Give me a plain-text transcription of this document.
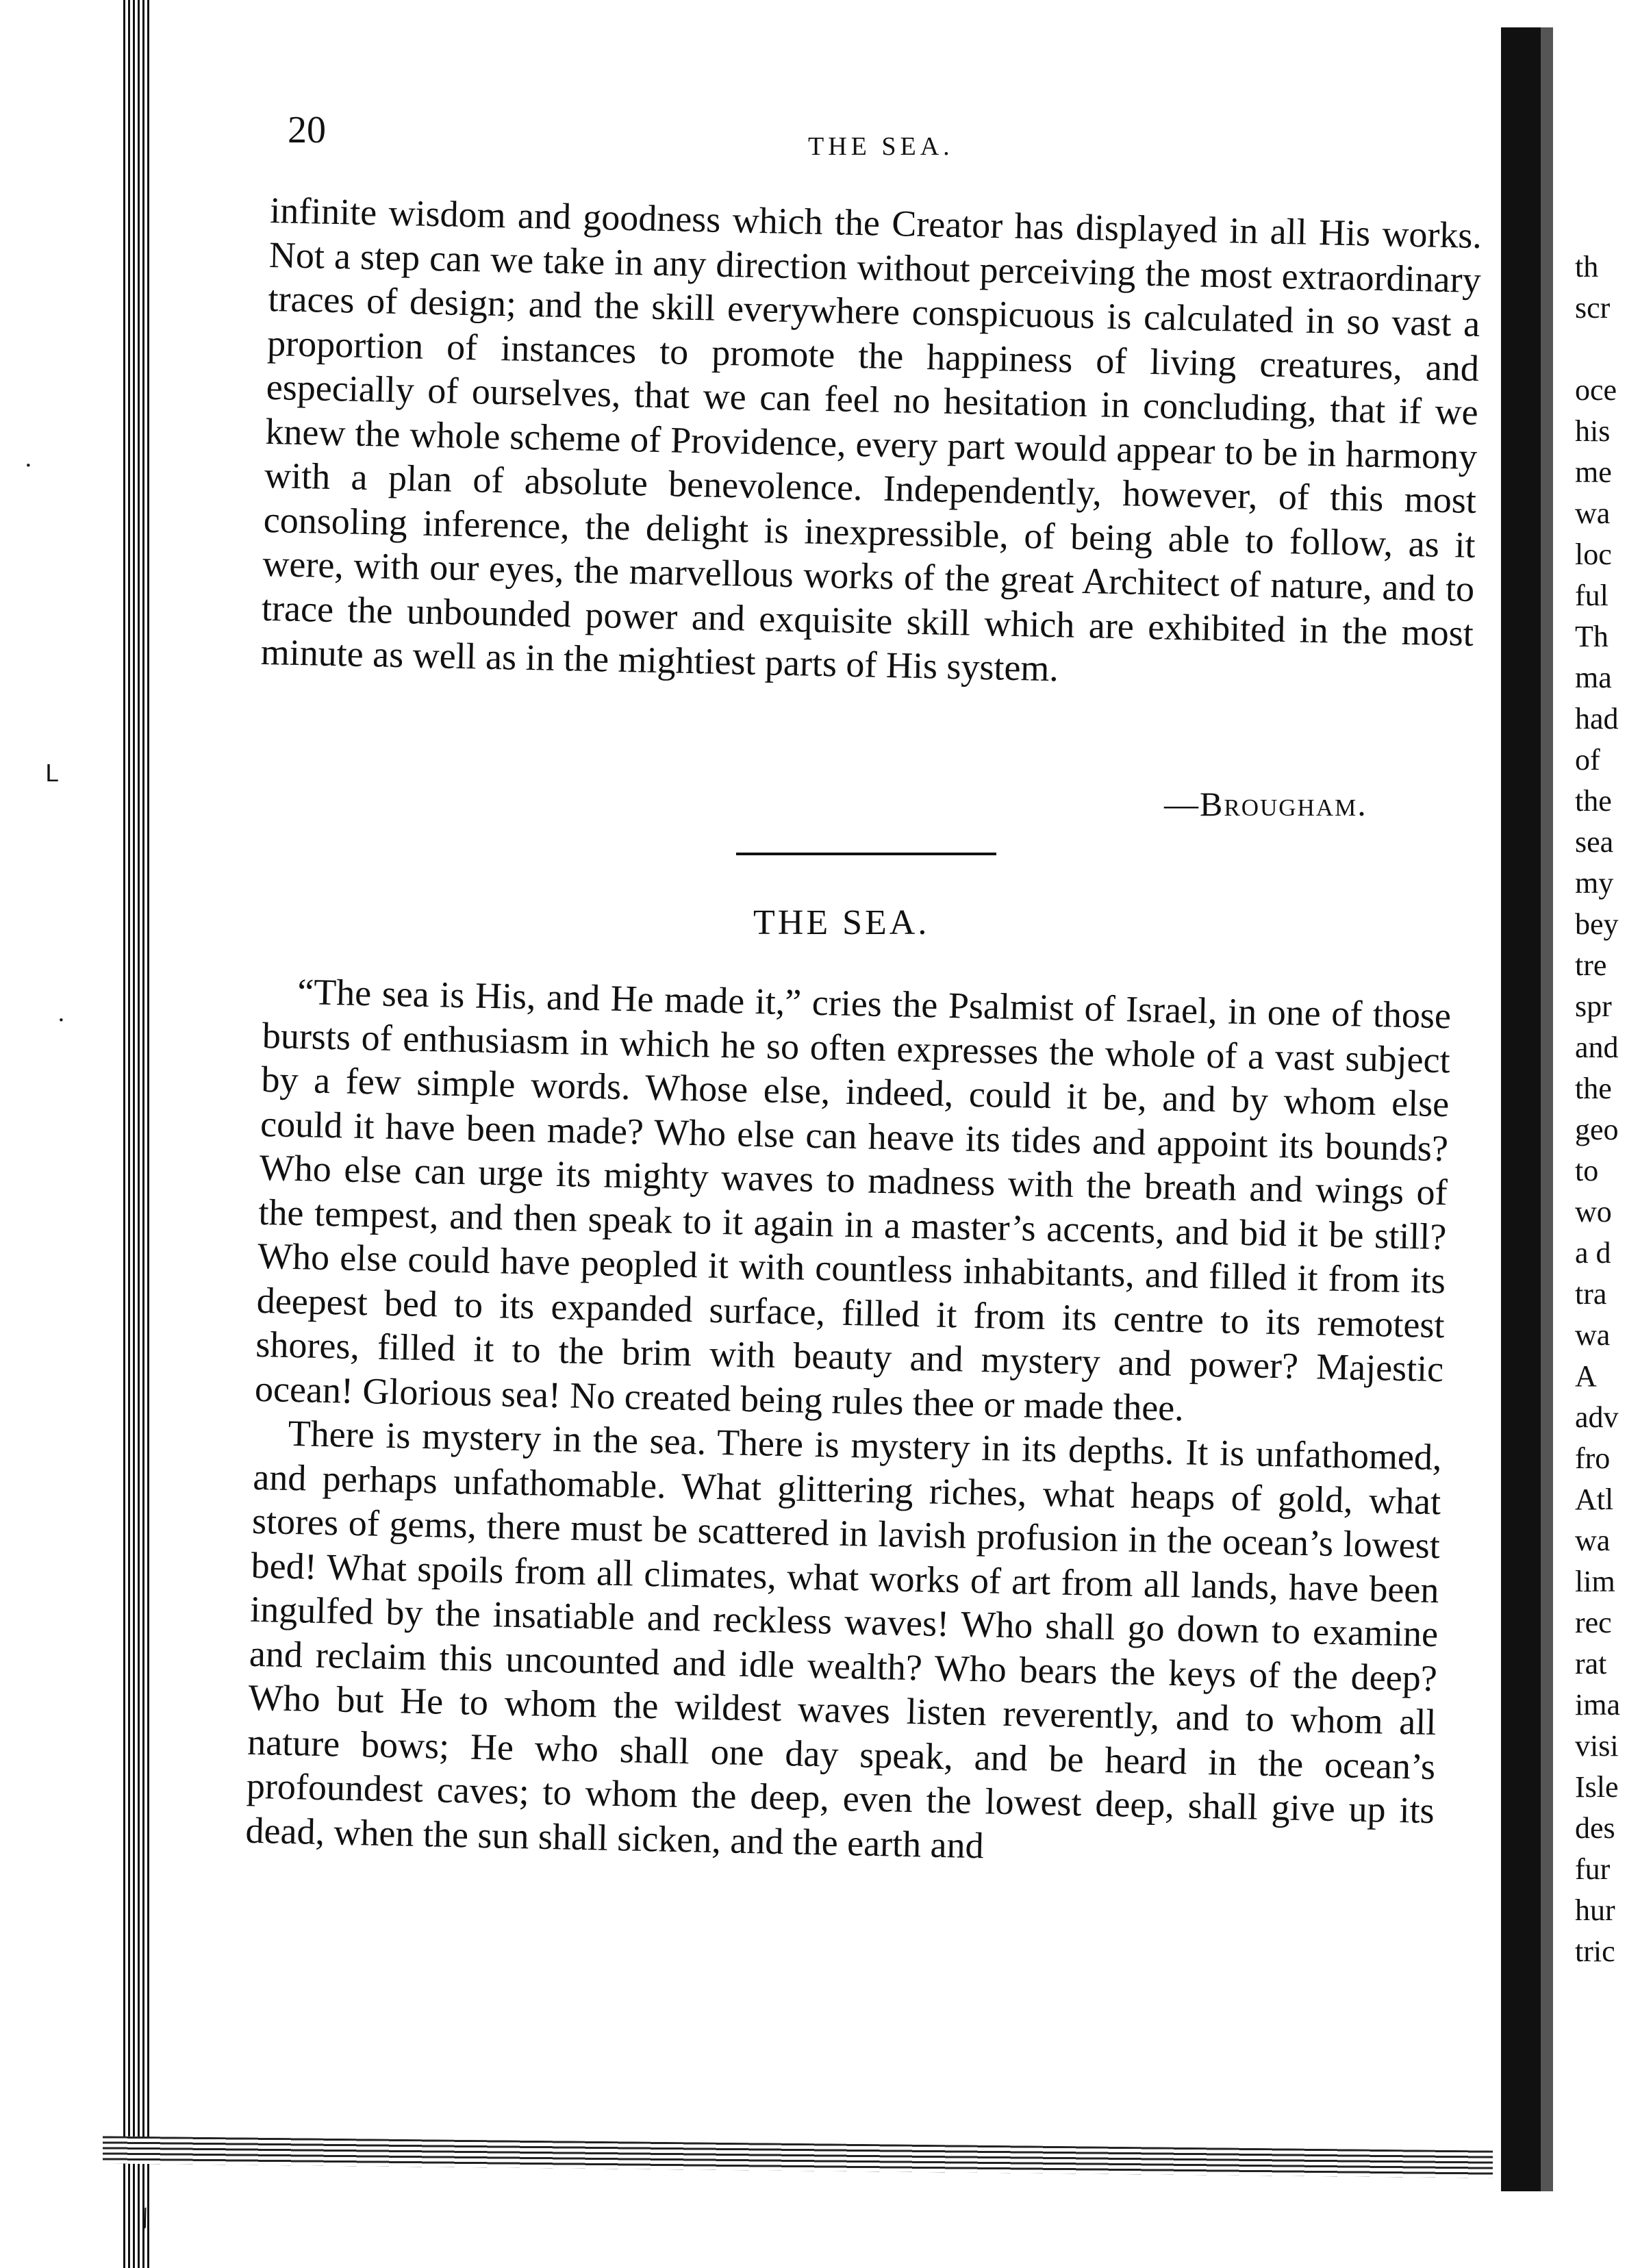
th
scr

oce
his
me
wa
loc
ful
Th
ma
had
of
the
sea
my
bey
tre
spr
and
the
geo
to
wo
a d
tra
wa
A
adv
fro
Atl
wa
lim
rec
rat
ima
visi
Isle
des
fur
hur
tric
ᒪ
·
·
⁄
20	THE SEA.

infinite wisdom and goodness which the Creator has displayed in all His works. Not a step can we take in any direction without perceiving the most extraordinary traces of design; and the skill everywhere conspicuous is calculated in so vast a proportion of instances to promote the happiness of living creatures, and especially of ourselves, that we can feel no hesitation in concluding, that if we knew the whole scheme of Providence, every part would appear to be in harmony with a plan of absolute benevolence. Independently, however, of this most consoling inference, the delight is inexpressible, of being able to follow, as it were, with our eyes, the marvellous works of the great Architect of nature, and to trace the unbounded power and exquisite skill which are exhibited in the most minute as well as in the mightiest parts of His system.

—Brougham.
THE SEA.

“The sea is His, and He made it,” cries the Psalmist of Israel, in one of those bursts of enthusiasm in which he so often expresses the whole of a vast subject by a few simple words. Whose else, indeed, could it be, and by whom else could it have been made? Who else can heave its tides and appoint its bounds? Who else can urge its mighty waves to madness with the breath and wings of the tempest, and then speak to it again in a master’s accents, and bid it be still? Who else could have peopled it with countless inhabitants, and filled it from its deepest bed to its expanded surface, filled it from its centre to its remotest shores, filled it to the brim with beauty and mystery and power? Majestic ocean! Glorious sea! No created being rules thee or made thee.

There is mystery in the sea. There is mystery in its depths. It is unfathomed, and perhaps unfathomable. What glittering riches, what heaps of gold, what stores of gems, there must be scattered in lavish profusion in the ocean’s lowest bed! What spoils from all climates, what works of art from all lands, have been ingulfed by the insatiable and reckless waves! Who shall go down to examine and reclaim this uncounted and idle wealth? Who bears the keys of the deep? Who but He to whom the wildest waves listen reverently, and to whom all nature bows; He who shall one day speak, and be heard in the ocean’s profoundest caves; to whom the deep, even the lowest deep, shall give up its dead, when the sun shall sicken, and the earth and
